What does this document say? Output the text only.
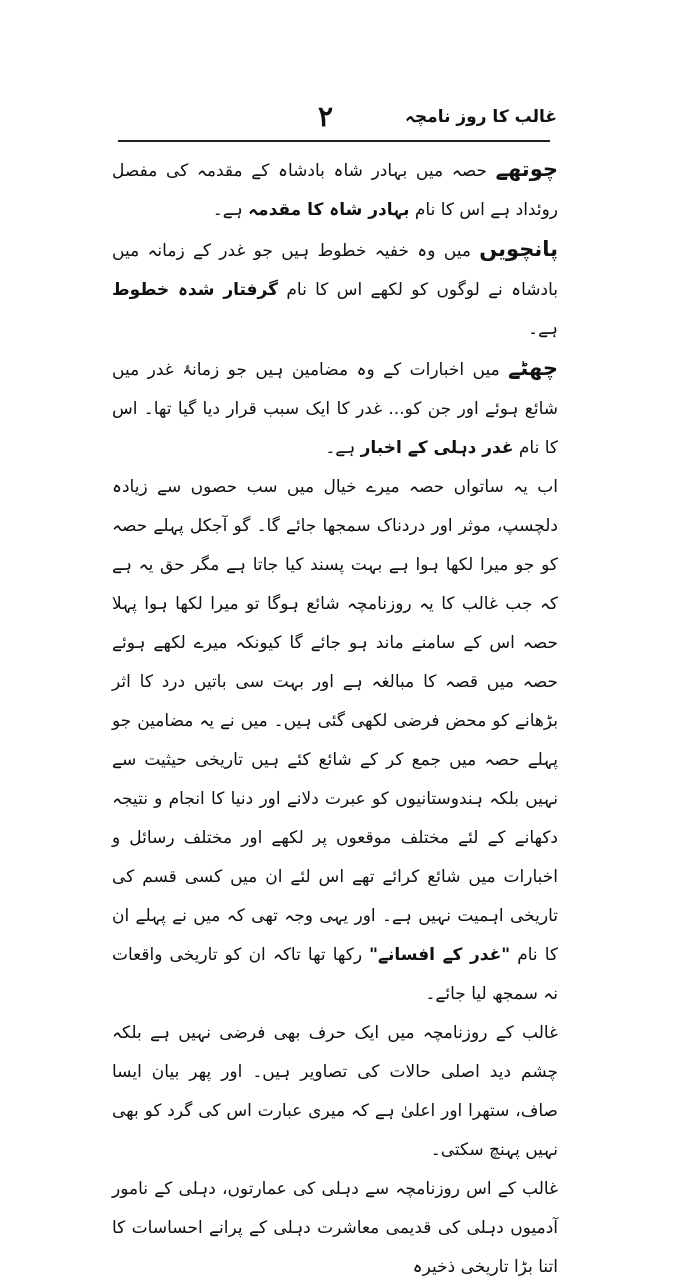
غالب کا روز نامچہ
۲

چوتھے حصہ میں بہادر شاہ بادشاہ کے مقدمہ کی مفصل روئداد ہے اس کا نام بہادر شاہ کا مقدمہ ہے۔

پانچویں میں وہ خفیہ خطوط ہیں جو غدر کے زمانہ میں بادشاہ نے لوگوں کو لکھے اس کا نام گرفتار شدہ خطوط ہے۔

چھٹے میں اخبارات کے وہ مضامین ہیں جو زمانۂ غدر میں شائع ہوئے اور جن کو... غدر کا ایک سبب قرار دیا گیا تھا۔ اس کا نام غدر دہلی کے اخبار ہے۔

اب یہ ساتواں حصہ میرے خیال میں سب حصوں سے زیادہ دلچسپ، موثر اور دردناک سمجھا جائے گا۔ گو آجکل پہلے حصہ کو جو میرا لکھا ہوا ہے بہت پسند کیا جاتا ہے مگر حق یہ ہے کہ جب غالب کا یہ روزنامچہ شائع ہوگا تو میرا لکھا ہوا پہلا حصہ اس کے سامنے ماند ہو جائے گا کیونکہ میرے لکھے ہوئے حصہ میں قصہ کا مبالغہ ہے اور بہت سی باتیں درد کا اثر بڑھانے کو محض فرضی لکھی گئی ہیں۔ میں نے یہ مضامین جو پہلے حصہ میں جمع کر کے شائع کئے ہیں تاریخی حیثیت سے نہیں بلکہ ہندوستانیوں کو عبرت دلانے اور دنیا کا انجام و نتیجہ دکھانے کے لئے مختلف موقعوں پر لکھے اور مختلف رسائل و اخبارات میں شائع کرائے تھے اس لئے ان میں کسی قسم کی تاریخی اہمیت نہیں ہے۔ اور یہی وجہ تھی کہ میں نے پہلے ان کا نام "غدر کے افسانے" رکھا تھا تاکہ ان کو تاریخی واقعات نہ سمجھ لیا جائے۔

غالب کے روزنامچہ میں ایک حرف بھی فرضی نہیں ہے بلکہ چشم دید اصلی حالات کی تصاویر ہیں۔ اور پھر بیان ایسا صاف، ستھرا اور اعلیٰ ہے کہ میری عبارت اس کی گرد کو بھی نہیں پہنچ سکتی۔

غالب کے اس روزنامچہ سے دہلی کی عمارتوں، دہلی کے نامور آدمیوں دہلی کی قدیمی معاشرت دہلی کے پرانے احساسات کا اتنا بڑا تاریخی ذخیرہ
